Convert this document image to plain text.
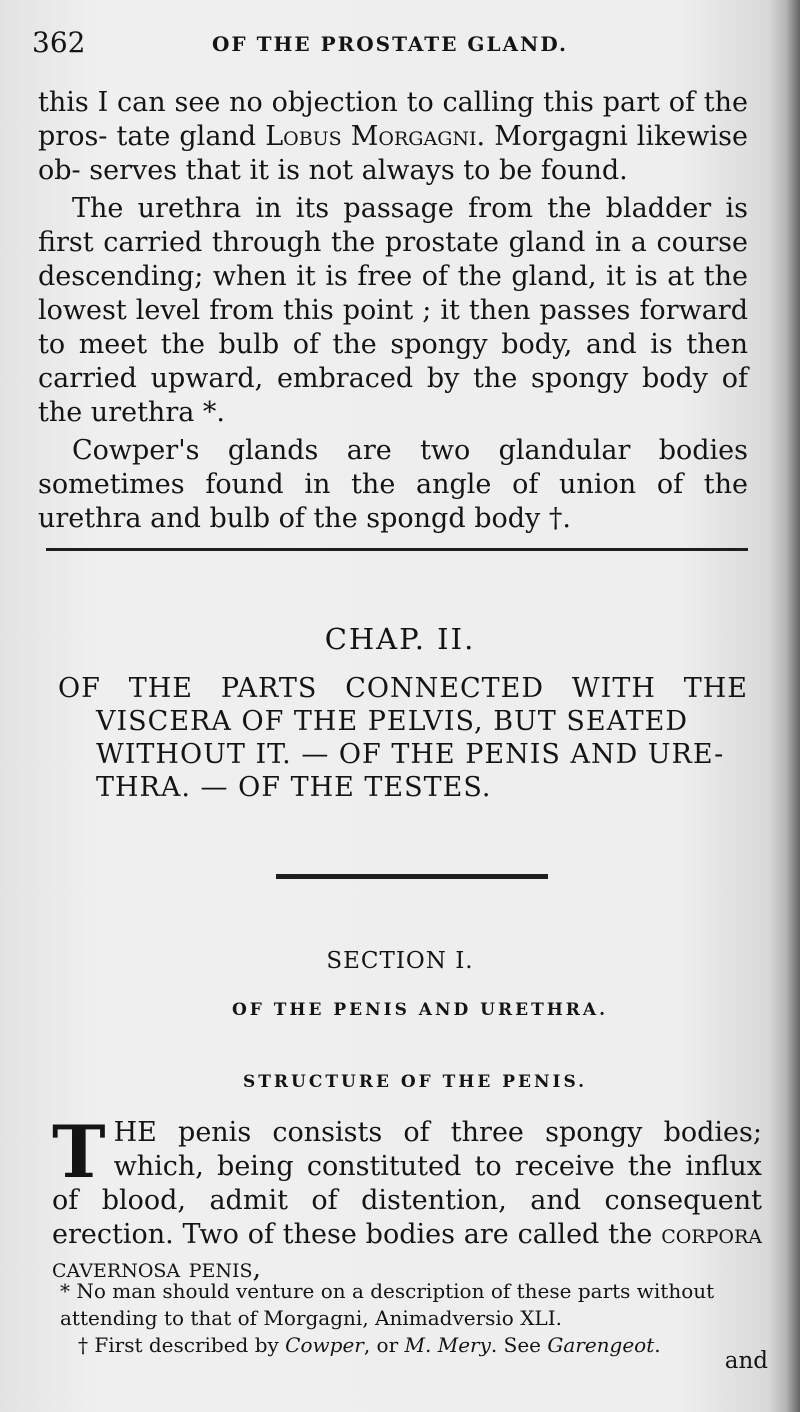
362	OF THE PROSTATE GLAND.

this I can see no objection to calling this part of the pros- tate gland Lobus Morgagni. Morgagni likewise ob- serves that it is not always to be found.

The urethra in its passage from the bladder is first carried through the prostate gland in a course descending; when it is free of the gland, it is at the lowest level from this point ; it then passes forward to meet the bulb of the spongy body, and is then carried upward, embraced by the spongy body of the urethra *.

Cowper's glands are two glandular bodies sometimes found in the angle of union of the urethra and bulb of the spongd body †.

CHAP. II.
OF THE PARTS CONNECTED WITH THE
VISCERA OF THE PELVIS, BUT SEATED WITHOUT IT. — OF THE PENIS AND URE-THRA. — OF THE TESTES.
SECTION I.
OF THE PENIS AND URETHRA.
STRUCTURE OF THE PENIS.
THE penis consists of three spongy bodies; which, being constituted to receive the influx of blood, admit of distention, and consequent erection. Two of these bodies are called the corpora cavernosa penis,

* No man should venture on a description of these parts without attending to that of Morgagni, Animadversio XLI.

† First described by Cowper, or M. Mery. See Garengeot.

and
